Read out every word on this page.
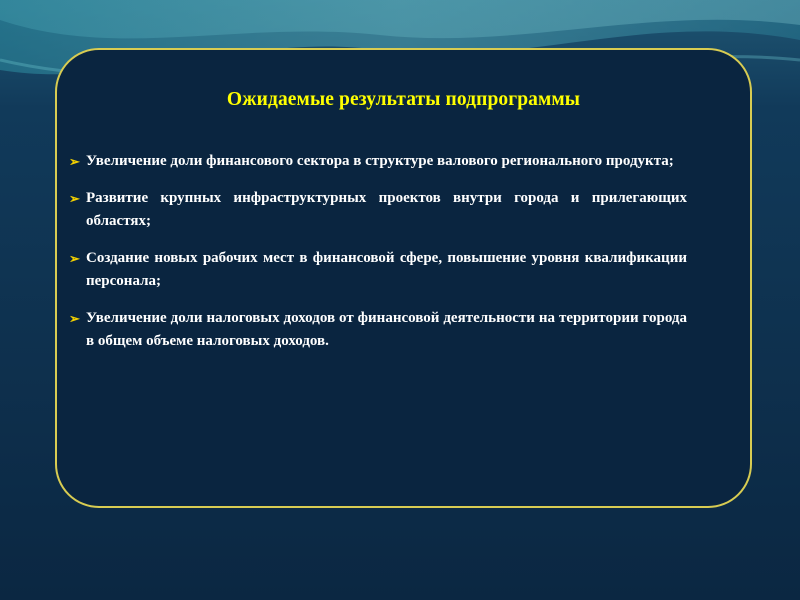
Ожидаемые результаты подпрограммы
➢ Увеличение доли финансового сектора в структуре валового регионального продукта;
➢ Развитие крупных инфраструктурных проектов внутри города и прилегающих областях;
➢ Создание новых рабочих мест в финансовой сфере, повышение уровня квалификации персонала;
➢ Увеличение доли налоговых доходов от финансовой деятельности на территории города в общем объеме налоговых доходов.
